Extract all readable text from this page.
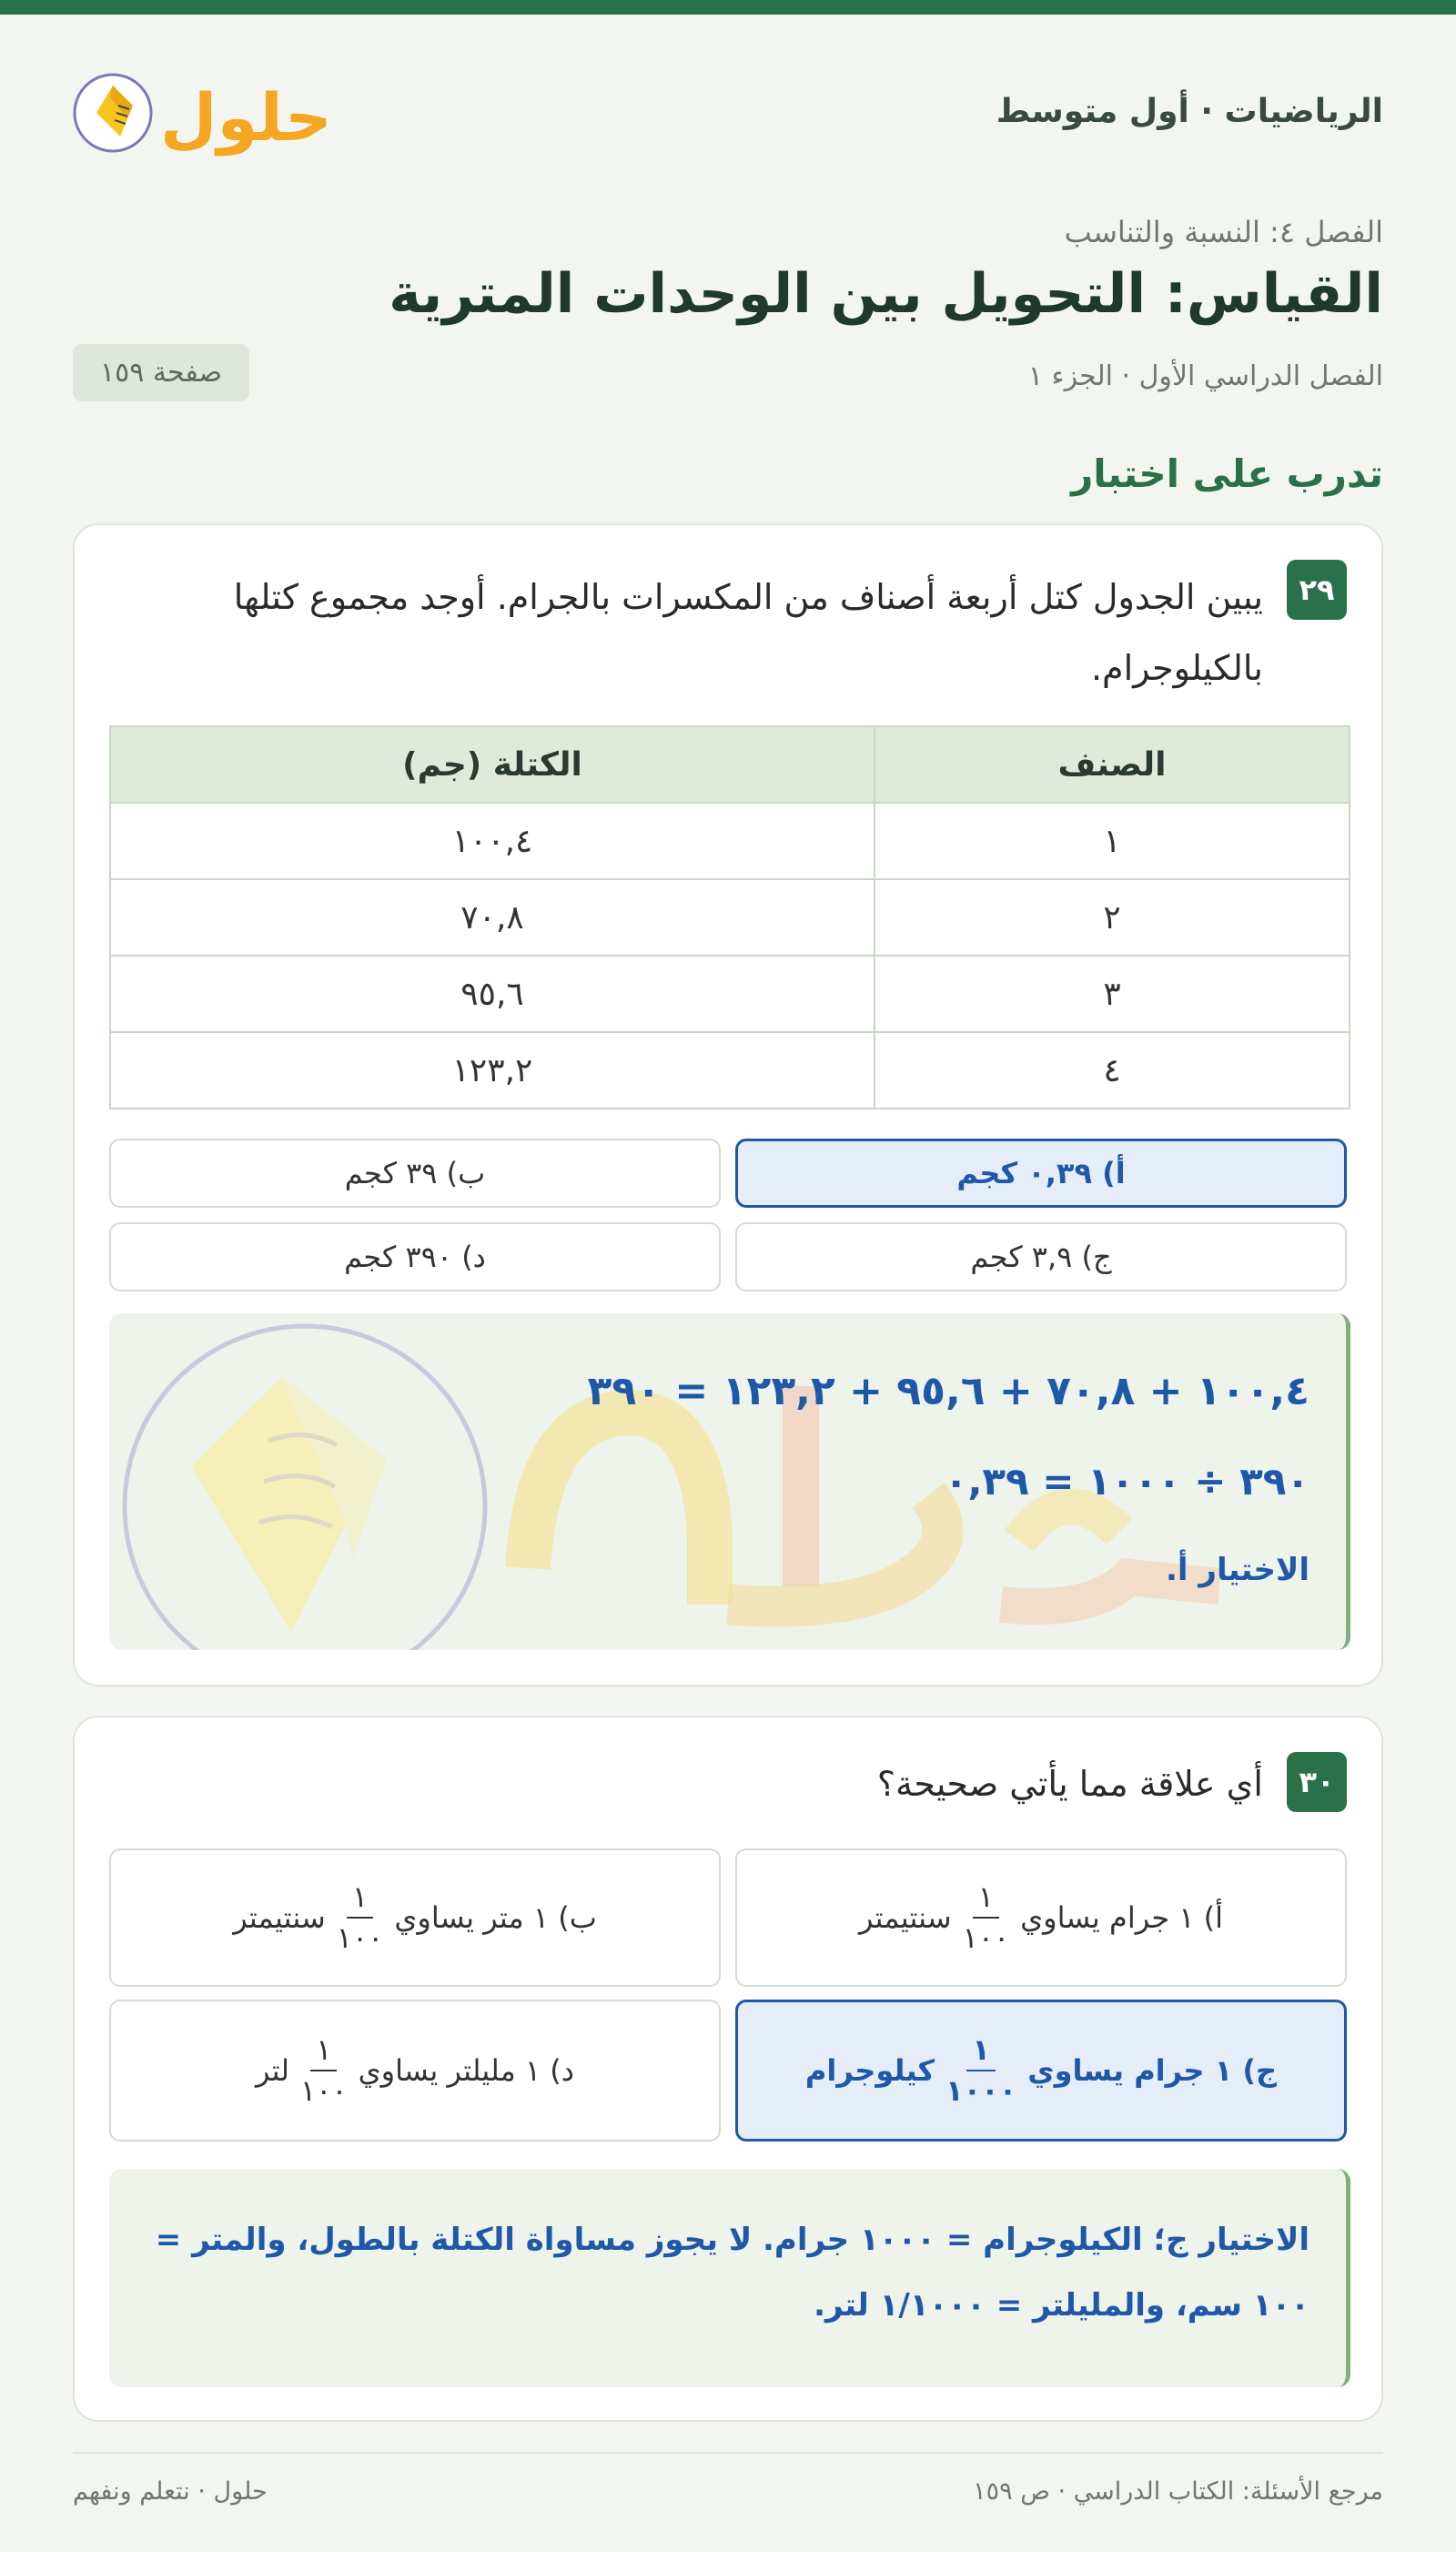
الرياضيات · أول متوسط
حلول
الفصل ٤: النسبة والتناسب
القياس: التحويل بين الوحدات المترية
الفصل الدراسي الأول · الجزء ١
صفحة ١٥٩
تدرب على اختبار
٢٩
يبين الجدول كتل أربعة أصناف من المكسرات بالجرام. أوجد مجموع كتلها بالكيلوجرام.
الصنف	الكتلة (جم)
١	١٠٠,٤
٢	٧٠,٨
٣	٩٥,٦
٤	١٢٣,٢
أ) ٠,٣٩ كجم
ب) ٣٩ كجم
ج) ٣,٩ كجم
د) ٣٩٠ كجم
١٠٠,٤ + ٧٠,٨ + ٩٥,٦ + ١٢٣,٢ = ٣٩٠
٣٩٠ ÷ ١٠٠٠ = ٠,٣٩
الاختيار أ.
٣٠
أي علاقة مما يأتي صحيحة؟
أ) ١ جرام يساوي
$\frac{١}{١٠٠}$
سنتيمتر
ب) ١ متر يساوي
$\frac{١}{١٠٠}$
سنتيمتر
ج) ١ جرام يساوي
$\frac{١}{١٠٠٠}$
كيلوجرام
د) ١ مليلتر يساوي
$\frac{١}{١٠٠}$
لتر
الاختيار ج؛ الكيلوجرام = ١٠٠٠ جرام. لا يجوز مساواة الكتلة بالطول، والمتر = ١٠٠ سم، والمليلتر = ١/١٠٠٠ لتر.
مرجع الأسئلة: الكتاب الدراسي · ص ١٥٩
حلول · نتعلم ونفهم
